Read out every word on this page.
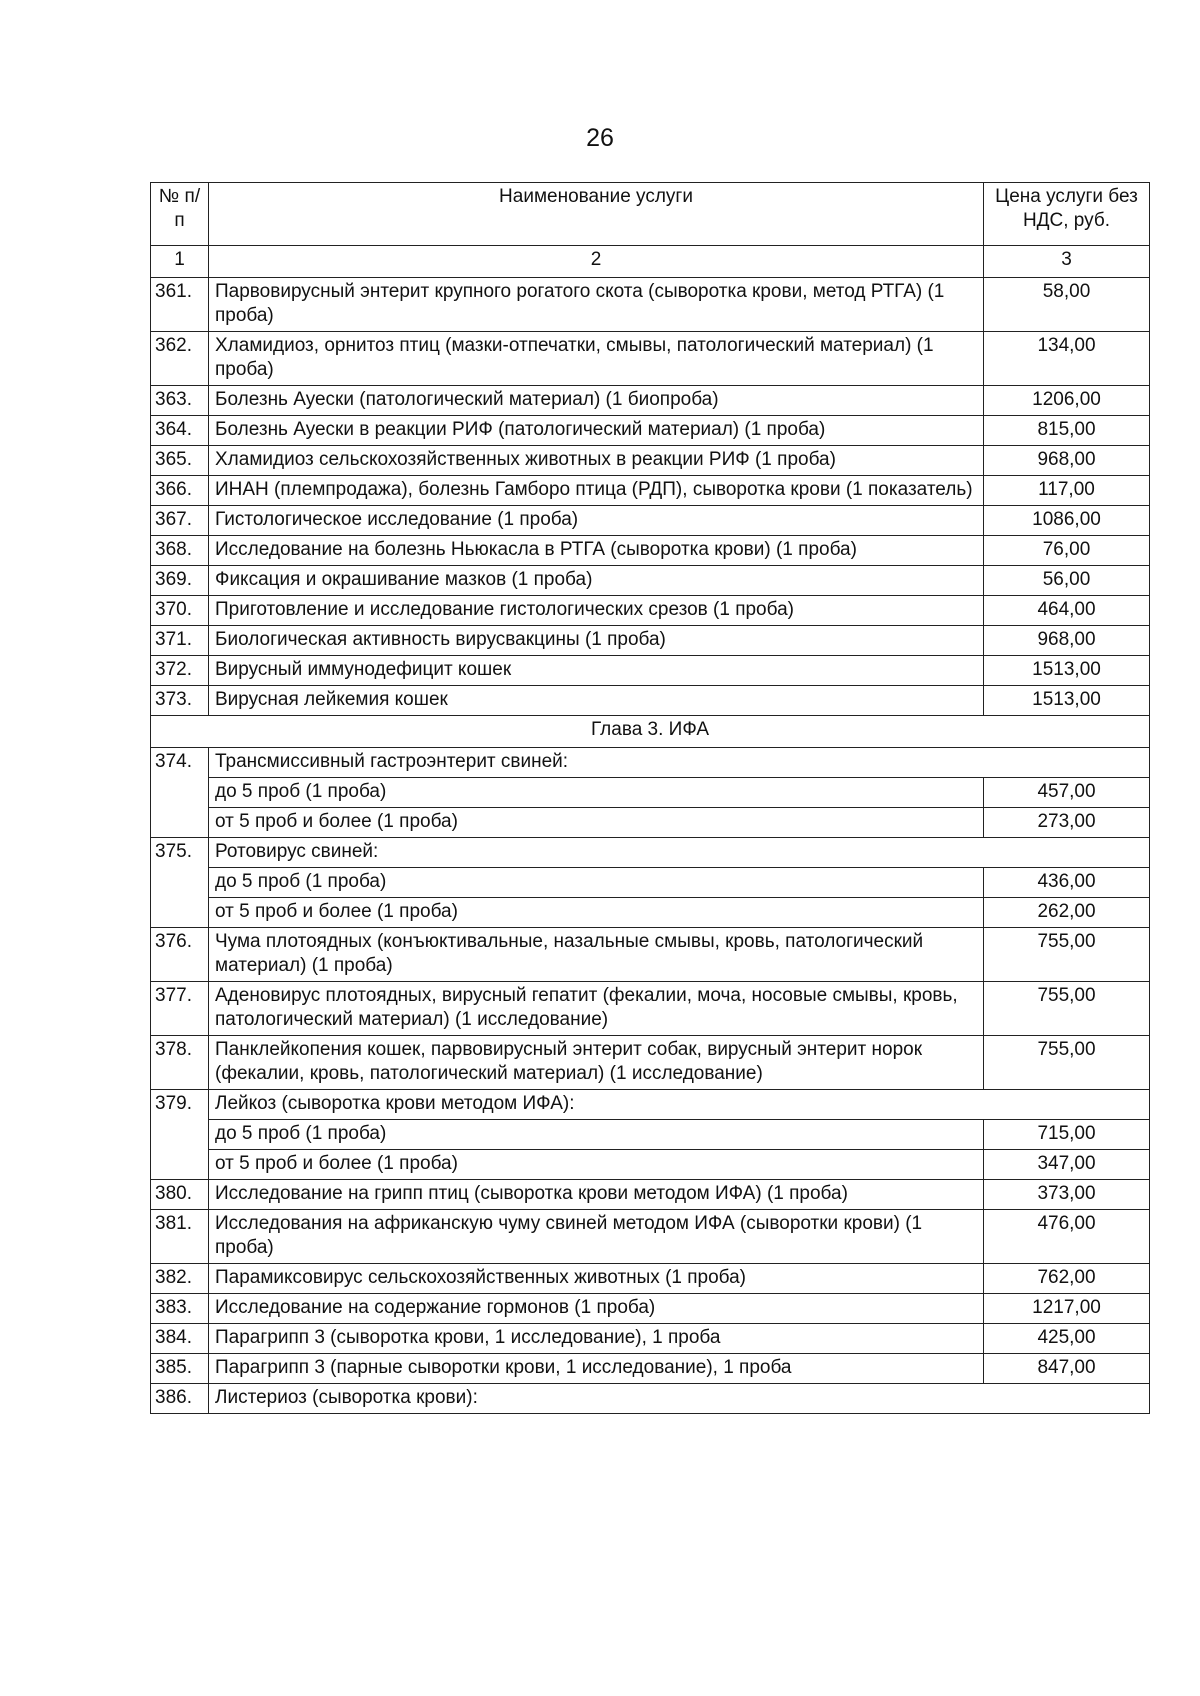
26
№ п/п	Наименование услуги	Цена услуги без НДС, руб.
1	2	3
361.	Парвовирусный энтерит крупного рогатого скота (сыворотка крови, метод РТГА) (1 проба)	58,00
362.	Хламидиоз, орнитоз птиц (мазки-отпечатки, смывы, патологический материал) (1 проба)	134,00
363.	Болезнь Ауески (патологический материал) (1 биопроба)	1206,00
364.	Болезнь Ауески в реакции РИФ (патологический материал) (1 проба)	815,00
365.	Хламидиоз сельскохозяйственных животных в реакции РИФ (1 проба)	968,00
366.	ИНАН (племпродажа), болезнь Гамборо птица (РДП), сыворотка крови (1 показатель)	117,00
367.	Гистологическое исследование (1 проба)	1086,00
368.	Исследование на болезнь Ньюкасла в РТГА (сыворотка крови) (1 проба)	76,00
369.	Фиксация и окрашивание мазков (1 проба)	56,00
370.	Приготовление и исследование гистологических срезов (1 проба)	464,00
371.	Биологическая активность вирусвакцины (1 проба)	968,00
372.	Вирусный иммунодефицит кошек	1513,00
373.	Вирусная лейкемия кошек	1513,00
Глава 3. ИФА		
374.	Трансмиссивный гастроэнтерит свиней:	
	до 5 проб (1 проба)	457,00
	от 5 проб и более (1 проба)	273,00
375.	Ротовирус свиней:	
	до 5 проб (1 проба)	436,00
	от 5 проб и более (1 проба)	262,00
376.	Чума плотоядных (конъюктивальные, назальные смывы, кровь, патологический материал) (1 проба)	755,00
377.	Аденовирус плотоядных, вирусный гепатит (фекалии, моча, носовые смывы, кровь, патологический материал) (1 исследование)	755,00
378.	Панклейкопения кошек, парвовирусный энтерит собак, вирусный энтерит норок (фекалии, кровь, патологический материал) (1 исследование)	755,00
379.	Лейкоз (сыворотка крови методом ИФА):	
	до 5 проб (1 проба)	715,00
	от 5 проб и более (1 проба)	347,00
380.	Исследование на грипп птиц (сыворотка крови методом ИФА) (1 проба)	373,00
381.	Исследования на африканскую чуму свиней методом ИФА (сыворотки крови) (1 проба)	476,00
382.	Парамиксовирус сельскохозяйственных животных (1 проба)	762,00
383.	Исследование на содержание гормонов (1 проба)	1217,00
384.	Парагрипп 3 (сыворотка крови, 1 исследование), 1 проба	425,00
385.	Парагрипп 3 (парные сыворотки крови, 1 исследование), 1 проба	847,00
386.	Листериоз (сыворотка крови):	
